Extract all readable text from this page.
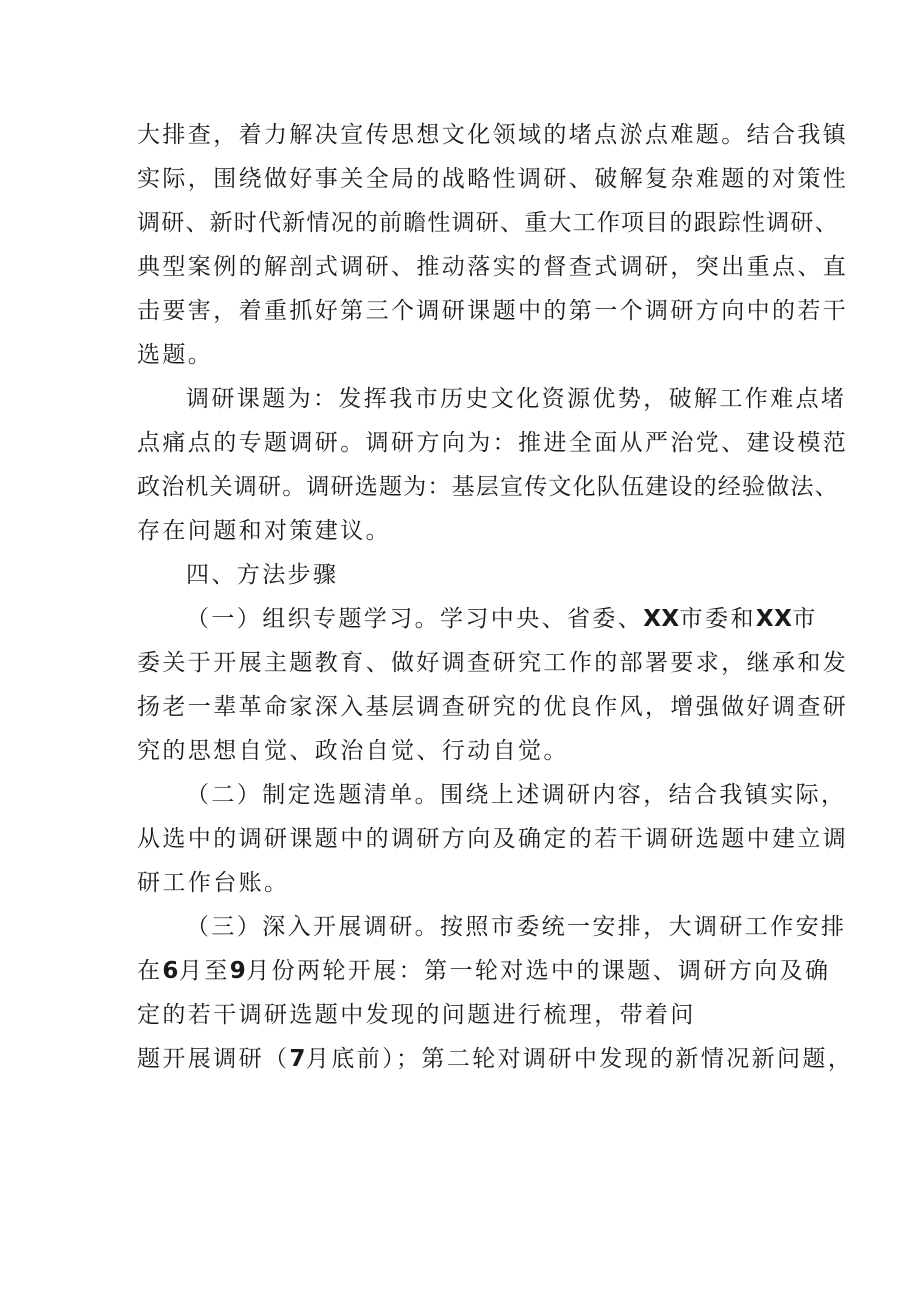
大排查，着力解决宣传思想文化领域的堵点淤点难题。结合我镇
实际，围绕做好事关全局的战略性调研、破解复杂难题的对策性
调研、新时代新情况的前瞻性调研、重大工作项目的跟踪性调研、
典型案例的解剖式调研、推动落实的督查式调研，突出重点、直
击要害，着重抓好第三个调研课题中的第一个调研方向中的若干
选题。
调研课题为：发挥我市历史文化资源优势，破解工作难点堵
点痛点的专题调研。调研方向为：推进全面从严治党、建设模范
政治机关调研。调研选题为：基层宣传文化队伍建设的经验做法、
存在问题和对策建议。
四、方法步骤
（一）组织专题学习。学习中央、省委、XX市委和XX市
委关于开展主题教育、做好调查研究工作的部署要求，继承和发
扬老一辈革命家深入基层调查研究的优良作风，增强做好调查研
究的思想自觉、政治自觉、行动自觉。
（二）制定选题清单。围绕上述调研内容，结合我镇实际，
从选中的调研课题中的调研方向及确定的若干调研选题中建立调
研工作台账。
（三）深入开展调研。按照市委统一安排，大调研工作安排
在6月至9月份两轮开展：第一轮对选中的课题、调研方向及确
定的若干调研选题中发现的问题进行梳理，带着问
题开展调研（7月底前）；第二轮对调研中发现的新情况新问题，
